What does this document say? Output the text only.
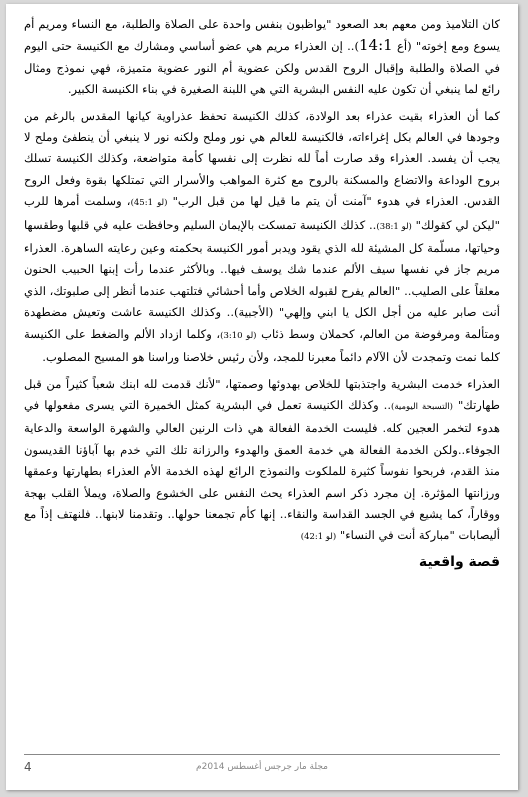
كان التلاميذ ومن معهم بعد الصعود "يواظبون بنفس واحدة على الصلاة والطلبة، مع النساء ومريم أم يسوع ومع إخوته" (أع 14:1).. إن العذراء مريم هي عضو أساسي ومشارك مع الكنيسة حتى اليوم في الصلاة والطلبة وإقبال الروح القدس ولكن عضوية أم النور عضوية متميزة، فهي نموذج ومثال رائع لما ينبغي أن تكون عليه النفس البشرية التي هي اللبنة الصغيرة في بناء الكنيسة الكبير.

كما أن العذراء بقيت عذراء بعد الولادة، كذلك الكنيسة تحفظ عذراوية كيانها المقدس بالرغم من وجودها في العالم بكل إغراءاته، فالكنيسة للعالم هي نور وملح ولكنه نور لا ينبغي أن ينطفئ وملح لا يجب أن يفسد. العذراء وقد صارت أماً لله نظرت إلى نفسها كأمة متواضعة، وكذلك الكنيسة تسلك بروح الوداعة والاتضاع والمسكنة بالروح مع كثرة المواهب والأسرار التي تمتلكها بقوة وفعل الروح القدس. العذراء في هدوء "آمنت أن يتم ما قيل لها من قبل الرب" (لو 45:1)، وسلمت أمرها للرب "ليكن لي كقولك" (لو 38:1).. كذلك الكنيسة تمسكت بالإيمان السليم وحافظت عليه في قلبها وطقسها وحياتها، مسلّمة كل المشيئة لله الذي يقود ويدبر أمور الكنيسة بحكمته وعين رعايته الساهرة. العذراء مريم جاز في نفسها سيف الألم عندما شك يوسف فيها.. وبالأكثر عندما رأت إبنها الحبيب الحنون معلقاً على الصليب.. "العالم يفرح لقبوله الخلاص وأما أحشائي فتلتهب عندما أنظر إلى صلبوتك، الذي أنت صابر عليه من أجل الكل يا ابني وإلهي" (الأجبية).. وكذلك الكنيسة عاشت وتعيش مضطهدة ومتألمة ومرفوضة من العالم، كحملان وسط ذئاب (لو 3:10)، وكلما ازداد الألم والضغط على الكنيسة كلما نمت وتمجدت لأن الآلام دائماً معبرنا للمجد، ولأن رئيس خلاصنا وراسنا هو المسيح المصلوب.

العذراء خدمت البشرية واجتذبتها للخلاص بهدوئها وصمتها، "لأنك قدمت لله ابنك شعباً كثيراً من قبل طهارتك" (التسبحة اليومية).. وكذلك الكنيسة تعمل في البشرية كمثل الخميرة التي يسرى مفعولها في هدوء لتخمر العجين كله. فليست الخدمة الفعالة هي ذات الرنين العالي والشهرة الواسعة والدعاية الجوفاء..ولكن الخدمة الفعالة هي خدمة العمق والهدوء والرزانة تلك التي خدم بها آباؤنا القديسون منذ القدم، فربحوا نفوساً كثيرة للملكوت والنموذج الرائع لهذه الخدمة الأم العذراء بطهارتها وعمقها ورزانتها المؤثرة. إن مجرد ذكر اسم العذراء يحث النفس على الخشوع والصلاة، ويملأ القلب بهجة ووقاراً، كما يشيع في الجسد القداسة والنقاء.. إنها كأم تجمعنا حولها.. وتقدمنا لابنها.. فلنهتف إذاً مع أليصابات "مباركة أنت في النساء" (لو 42:1)

قصة واقعية
مجلة مار جرجس أغسطس 2014م
4
